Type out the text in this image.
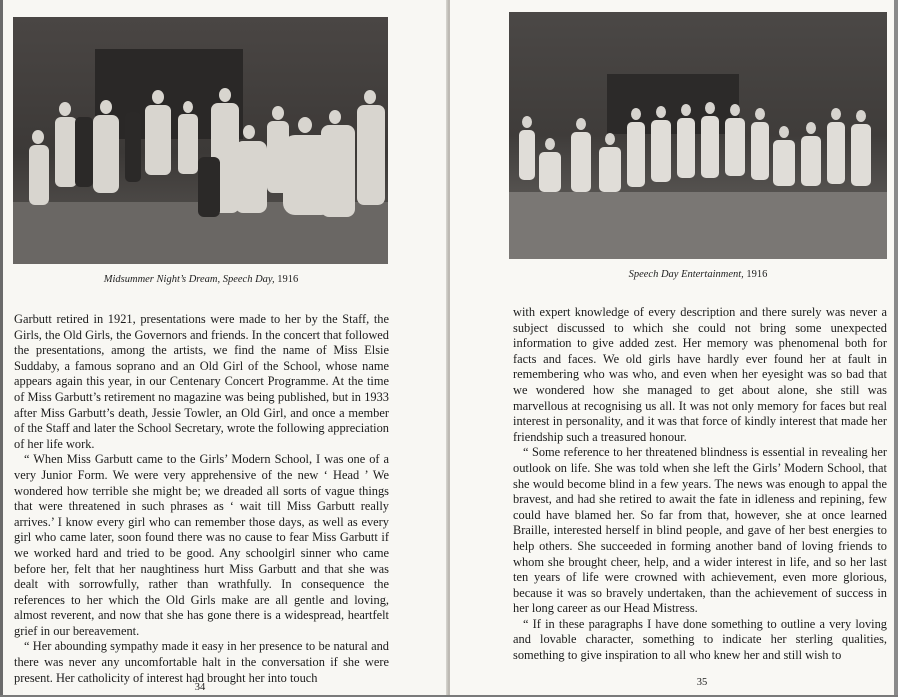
Midsummer Night’s Dream, Speech Day, 1916

Garbutt retired in 1921, presentations were made to her by the Staff, the Girls, the Old Girls, the Governors and friends. In the concert that followed the presentations, among the artists, we find the name of Miss Elsie Suddaby, a famous soprano and an Old Girl of the School, whose name appears again this year, in our Centenary Concert Programme. At the time of Miss Garbutt’s retirement no magazine was being published, but in 1933 after Miss Garbutt’s death, Jessie Towler, an Old Girl, and once a member of the Staff and later the School Secretary, wrote the following appreciation of her life work.

“ When Miss Garbutt came to the Girls’ Modern School, I was one of a very Junior Form. We were very apprehensive of the new ‘ Head ’ We wondered how terrible she might be; we dreaded all sorts of vague things that were threatened in such phrases as ‘ wait till Miss Garbutt really arrives.’ I know every girl who can remember those days, as well as every girl who came later, soon found there was no cause to fear Miss Garbutt if we worked hard and tried to be good. Any schoolgirl sinner who came before her, felt that her naughtiness hurt Miss Garbutt and that she was dealt with sorrowfully, rather than wrathfully. In consequence the references to her which the Old Girls make are all gentle and loving, almost reverent, and now that she has gone there is a widespread, heartfelt grief in our bereavement.

“ Her abounding sympathy made it easy in her presence to be natural and there was never any uncomfortable halt in the conversation if she were present. Her catholicity of interest had brought her into touch

34
Speech Day Entertainment, 1916

with expert knowledge of every description and there surely was never a subject discussed to which she could not bring some unexpected information to give added zest. Her memory was phenomenal both for facts and faces. We old girls have hardly ever found her at fault in remembering who was who, and even when her eyesight was so bad that we wondered how she managed to get about alone, she still was marvellous at recognising us all. It was not only memory for faces but real interest in personality, and it was that force of kindly interest that made her friendship such a treasured honour.

“ Some reference to her threatened blindness is essential in revealing her outlook on life. She was told when she left the Girls’ Modern School, that she would become blind in a few years. The news was enough to appal the bravest, and had she retired to await the fate in idleness and repining, few could have blamed her. So far from that, however, she at once learned Braille, interested herself in blind people, and gave of her best energies to help others. She succeeded in forming another band of loving friends to whom she brought cheer, help, and a wider interest in life, and so her last ten years of life were crowned with achievement, even more glorious, because it was so bravely undertaken, than the achievement of success in her long career as our Head Mistress.

“ If in these paragraphs I have done something to outline a very loving and lovable character, something to indicate her sterling qualities, something to give inspiration to all who knew her and still wish to

35
